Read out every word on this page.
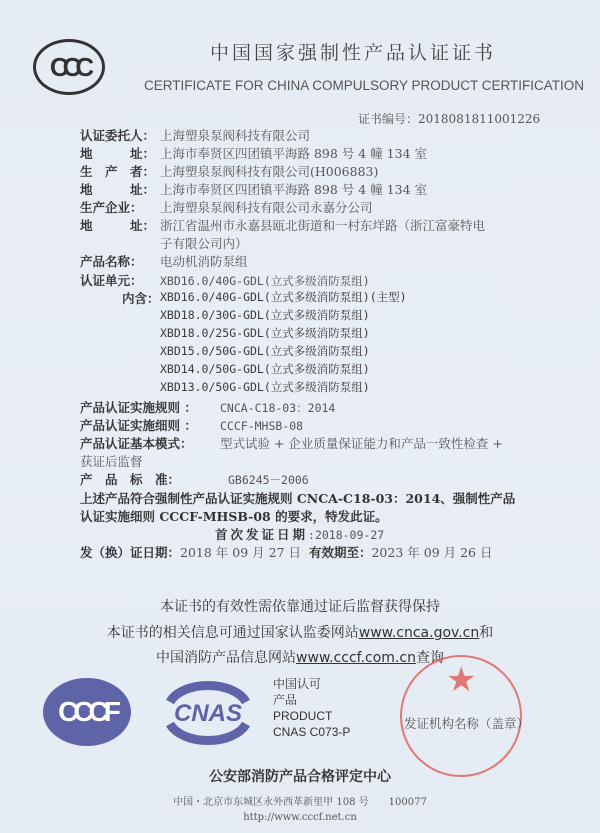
CCC	中国国家强制性产品认证证书
CERTIFICATE FOR CHINA COMPULSORY PRODUCT CERTIFICATION
证书编号：2018081811001226
认证委托人： 上海塑泉泵阀科技有限公司
地　　　址： 上海市奉贤区四团镇平海路 898 号 4 幢 134 室
生　产　者： 上海塑泉泵阀科技有限公司(H006883)
地　　　址： 上海市奉贤区四团镇平海路 898 号 4 幢 134 室
生产企业： 上海塑泉泵阀科技有限公司永嘉分公司
地　　　址： 浙江省温州市永嘉县瓯北街道和一村东垟路（浙江富豪特电
子有限公司内）
产品名称： 电动机消防泵组
认证单元： XBD16.0/40G-GDL(立式多级消防泵组)
内含： XBD16.0/40G-GDL(立式多级消防泵组)(主型)
XBD18.0/30G-GDL(立式多级消防泵组)
XBD18.0/25G-GDL(立式多级消防泵组)
XBD15.0/50G-GDL(立式多级消防泵组)
XBD14.0/50G-GDL(立式多级消防泵组)
XBD13.0/50G-GDL(立式多级消防泵组)
产品认证实施规则 ： CNCA-C18-03：2014
产品认证实施细则 ： CCCF-MHSB-08
产品认证基本模式： 型式试验 + 企业质量保证能力和产品一致性检查 +
获证后监督
产　品　标　准：	GB6245－2006
上述产品符合强制性产品认证实施规则 CNCA-C18-03：2014、强制性产品
认证实施细则 CCCF-MHSB-08 的要求，特发此证。
首次发证日期:2018-09-27
发（换）证日期：2018 年 09 月 27 日 有效期至：2023 年 09 月 26 日
本证书的有效性需依靠通过证后监督获得保持
本证书的相关信息可通过国家认监委网站www.cnca.gov.cn和
中国消防产品信息网站www.cccf.com.cn查询
CCCF CNAS
中国认可
产品
PRODUCT
CNAS C073-P
★
发证机构名称（盖章）
公安部消防产品合格评定中心
中国・北京市东城区永外西革新里甲 108 号　　100077
http://www.cccf.net.cn
